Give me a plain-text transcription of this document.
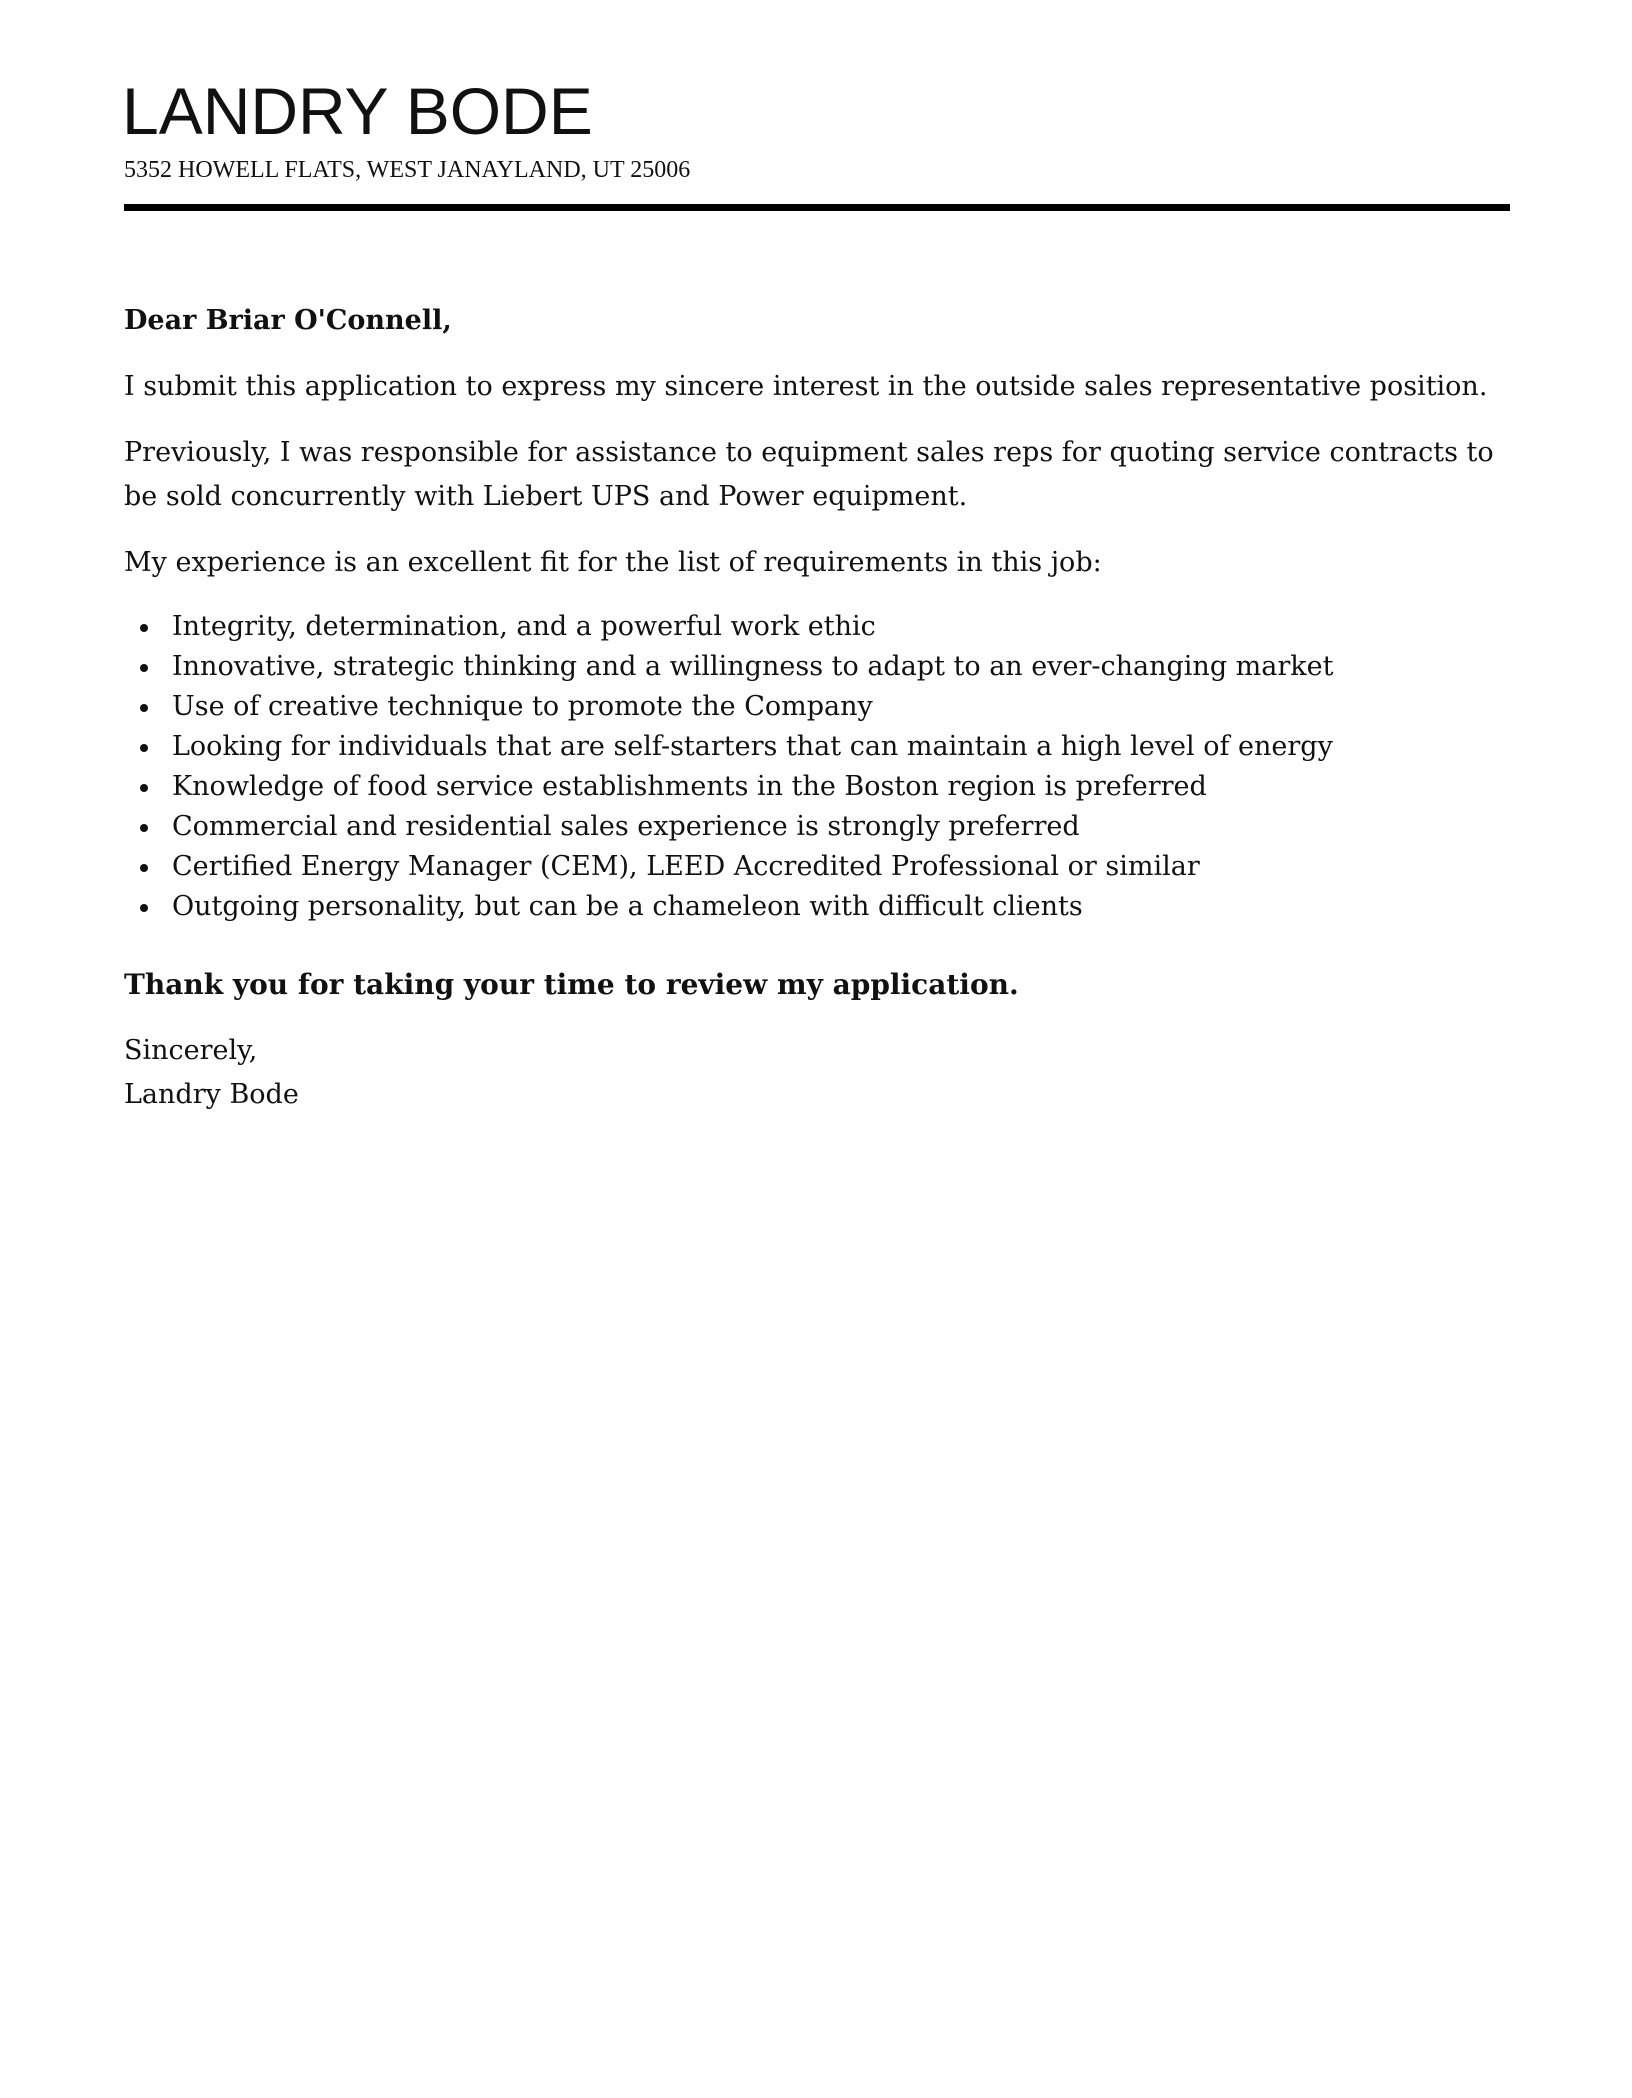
LANDRY BODE
5352 HOWELL FLATS, WEST JANAYLAND, UT 25006
Dear Briar O'Connell,
I submit this application to express my sincere interest in the outside sales representative position.
Previously, I was responsible for assistance to equipment sales reps for quoting service contracts to be sold concurrently with Liebert UPS and Power equipment.
My experience is an excellent fit for the list of requirements in this job:
Integrity, determination, and a powerful work ethic
Innovative, strategic thinking and a willingness to adapt to an ever-changing market
Use of creative technique to promote the Company
Looking for individuals that are self-starters that can maintain a high level of energy
Knowledge of food service establishments in the Boston region is preferred
Commercial and residential sales experience is strongly preferred
Certified Energy Manager (CEM), LEED Accredited Professional or similar
Outgoing personality, but can be a chameleon with difficult clients
Thank you for taking your time to review my application.
Sincerely,
Landry Bode
